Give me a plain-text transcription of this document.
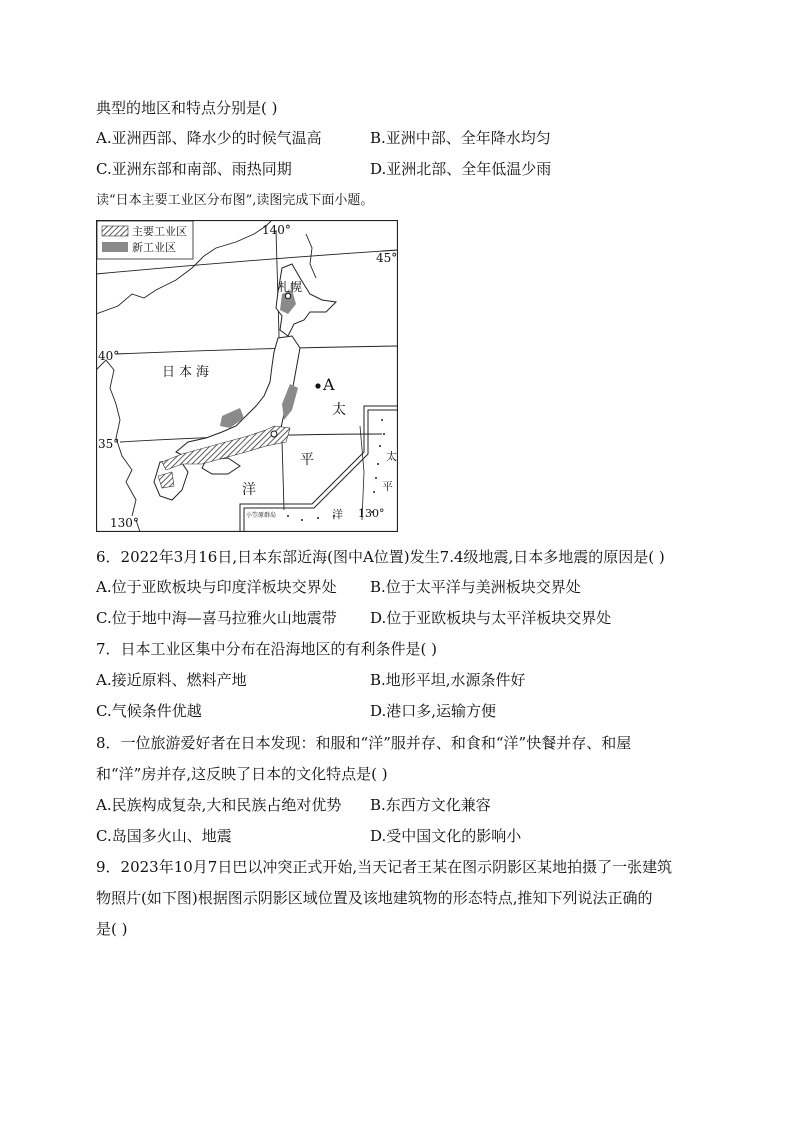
典型的地区和特点分别是( )
A.亚洲西部、降水少的时候气温高	B.亚洲中部、全年降水均匀
C.亚洲东部和南部、雨热同期	D.亚洲北部、全年低温少雨
读“日本主要工业区分布图”,读图完成下面小题。
札幌
日本海
A
太
平
洋
太
平
洋 130°
小笠原群岛
140°
45°
40°
35°
130°
主要工业区
新工业区
6．2022年3月16日,日本东部近海(图中A位置)发生7.4级地震,日本多地震的原因是( )
A.位于亚欧板块与印度洋板块交界处 B.位于太平洋与美洲板块交界处
C.位于地中海—喜马拉雅火山地震带 D.位于亚欧板块与太平洋板块交界处
7．日本工业区集中分布在沿海地区的有利条件是( )
A.接近原料、燃料产地	B.地形平坦,水源条件好
C.气候条件优越	D.港口多,运输方便
8．一位旅游爱好者在日本发现：和服和“洋”服并存、和食和“洋”快餐并存、和屋
和“洋”房并存,这反映了日本的文化特点是( )
A.民族构成复杂,大和民族占绝对优势 B.东西方文化兼容
C.岛国多火山、地震	D.受中国文化的影响小
9．2023年10月7日巴以冲突正式开始,当天记者王某在图示阴影区某地拍摄了一张建筑
物照片(如下图)根据图示阴影区域位置及该地建筑物的形态特点,推知下列说法正确的
是( )
